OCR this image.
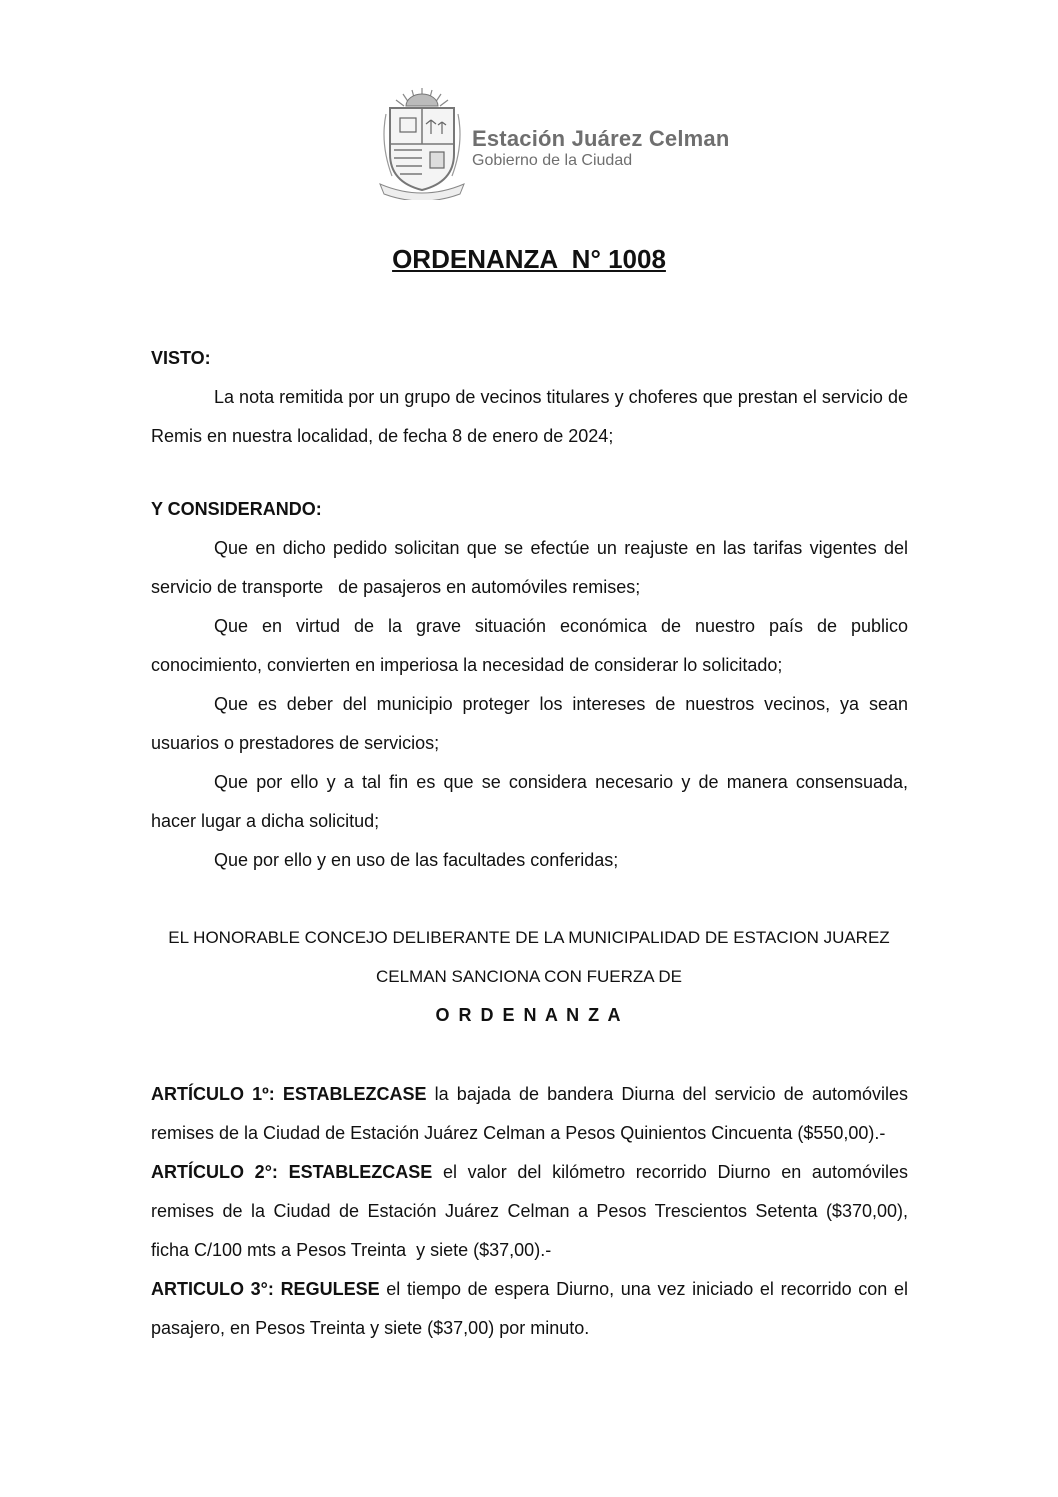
Estación Juárez Celman
Gobierno de la Ciudad
ORDENANZA  N° 1008

VISTO:

La nota remitida por un grupo de vecinos titulares y choferes que prestan el servicio de Remis en nuestra localidad, de fecha 8 de enero de 2024;

Y CONSIDERANDO:

Que en dicho pedido solicitan que se efectúe un reajuste en las tarifas vigentes del servicio de transporte   de pasajeros en automóviles remises;

Que en virtud de la grave situación económica de nuestro país de publico conocimiento, convierten en imperiosa la necesidad de considerar lo solicitado;

Que es deber del municipio proteger los intereses de nuestros vecinos, ya sean usuarios o prestadores de servicios;

Que por ello y a tal fin es que se considera necesario y de manera consensuada, hacer lugar a dicha solicitud;

Que por ello y en uso de las facultades conferidas;

EL HONORABLE CONCEJO DELIBERANTE DE LA MUNICIPALIDAD DE ESTACION JUAREZ

CELMAN SANCIONA CON FUERZA DE

O R D E N A N Z A

ARTÍCULO 1º: ESTABLEZCASE la bajada de bandera Diurna del servicio de automóviles remises de la Ciudad de Estación Juárez Celman a Pesos Quinientos Cincuenta ($550,00).-

ARTÍCULO 2°: ESTABLEZCASE el valor del kilómetro recorrido Diurno en automóviles remises de la Ciudad de Estación Juárez Celman a Pesos Trescientos Setenta ($370,00), ficha C/100 mts a Pesos Treinta  y siete ($37,00).-

ARTICULO 3°: REGULESE el tiempo de espera Diurno, una vez iniciado el recorrido con el pasajero, en Pesos Treinta y siete ($37,00) por minuto.
